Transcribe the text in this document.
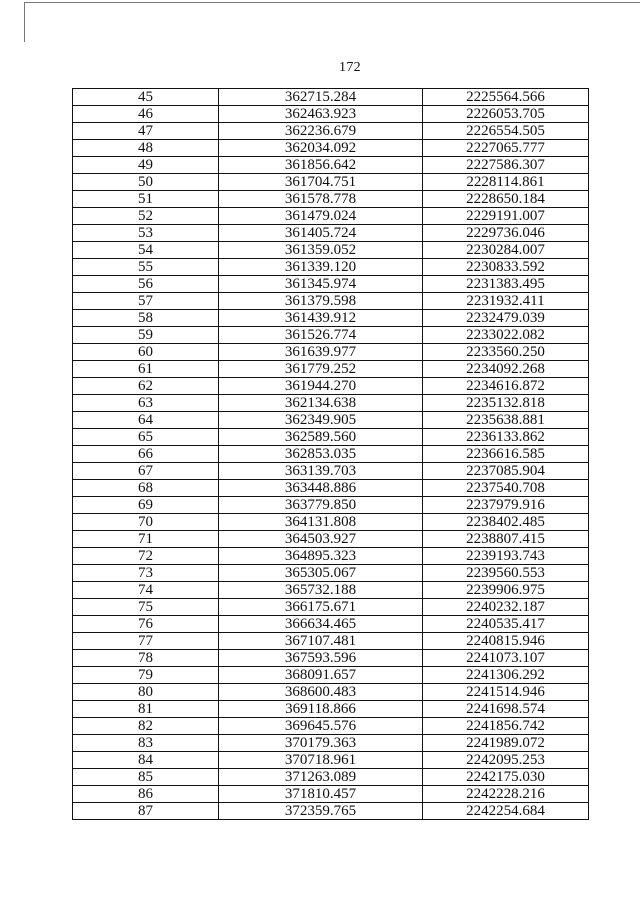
172
45	362715.284	2225564.566
46	362463.923	2226053.705
47	362236.679	2226554.505
48	362034.092	2227065.777
49	361856.642	2227586.307
50	361704.751	2228114.861
51	361578.778	2228650.184
52	361479.024	2229191.007
53	361405.724	2229736.046
54	361359.052	2230284.007
55	361339.120	2230833.592
56	361345.974	2231383.495
57	361379.598	2231932.411
58	361439.912	2232479.039
59	361526.774	2233022.082
60	361639.977	2233560.250
61	361779.252	2234092.268
62	361944.270	2234616.872
63	362134.638	2235132.818
64	362349.905	2235638.881
65	362589.560	2236133.862
66	362853.035	2236616.585
67	363139.703	2237085.904
68	363448.886	2237540.708
69	363779.850	2237979.916
70	364131.808	2238402.485
71	364503.927	2238807.415
72	364895.323	2239193.743
73	365305.067	2239560.553
74	365732.188	2239906.975
75	366175.671	2240232.187
76	366634.465	2240535.417
77	367107.481	2240815.946
78	367593.596	2241073.107
79	368091.657	2241306.292
80	368600.483	2241514.946
81	369118.866	2241698.574
82	369645.576	2241856.742
83	370179.363	2241989.072
84	370718.961	2242095.253
85	371263.089	2242175.030
86	371810.457	2242228.216
87	372359.765	2242254.684
